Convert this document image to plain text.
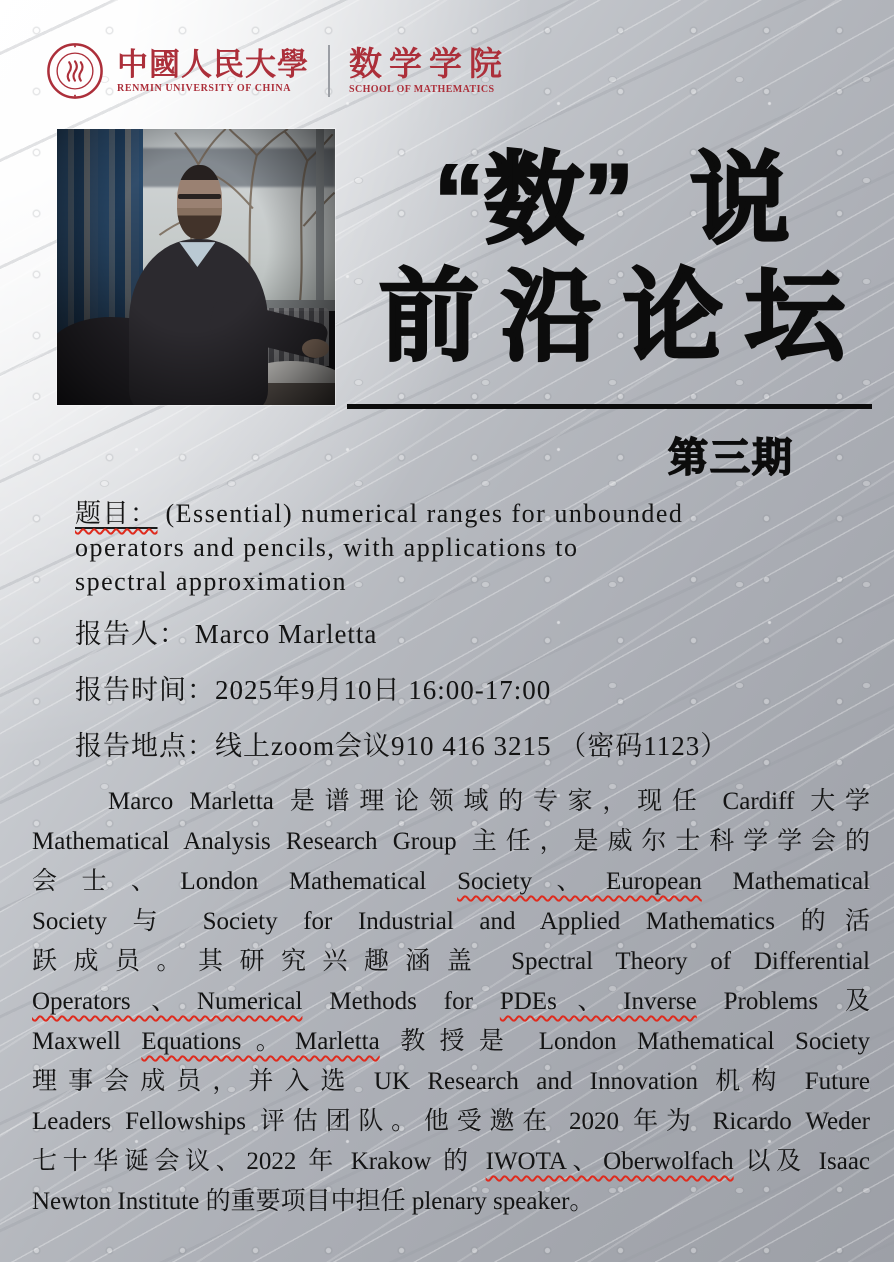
中國人民大學
RENMIN UNIVERSITY OF CHINA
数学学院
SCHOOL OF MATHEMATICS
“数” 说
前沿论坛
第三期
题目： (Essential) numerical ranges for unbounded
operators and pencils, with applications to
spectral approximation
报告人： Marco Marletta
报告时间：2025年9月10日 16:00-17:00
报告地点：线上zoom会议910 416 3215 （密码1123）
Marco Marletta 是谱理论领域的专家，现任 Cardiff 大学
Mathematical Analysis Research Group 主任，是威尔士科学学会的
会士、London Mathematical Society、European Mathematical
Society 与 Society for Industrial and Applied Mathematics 的活
跃成员。其研究兴趣涵盖 Spectral Theory of Differential
Operators、Numerical Methods for PDEs、Inverse Problems 及
Maxwell Equations。Marletta 教授是 London Mathematical Society
理事会成员，并入选 UK Research and Innovation 机构 Future
Leaders Fellowships 评估团队。他受邀在 2020 年为 Ricardo Weder
七十华诞会议、2022 年 Krakow 的 IWOTA、Oberwolfach 以及 Isaac
Newton Institute 的重要项目中担任 plenary speaker。
